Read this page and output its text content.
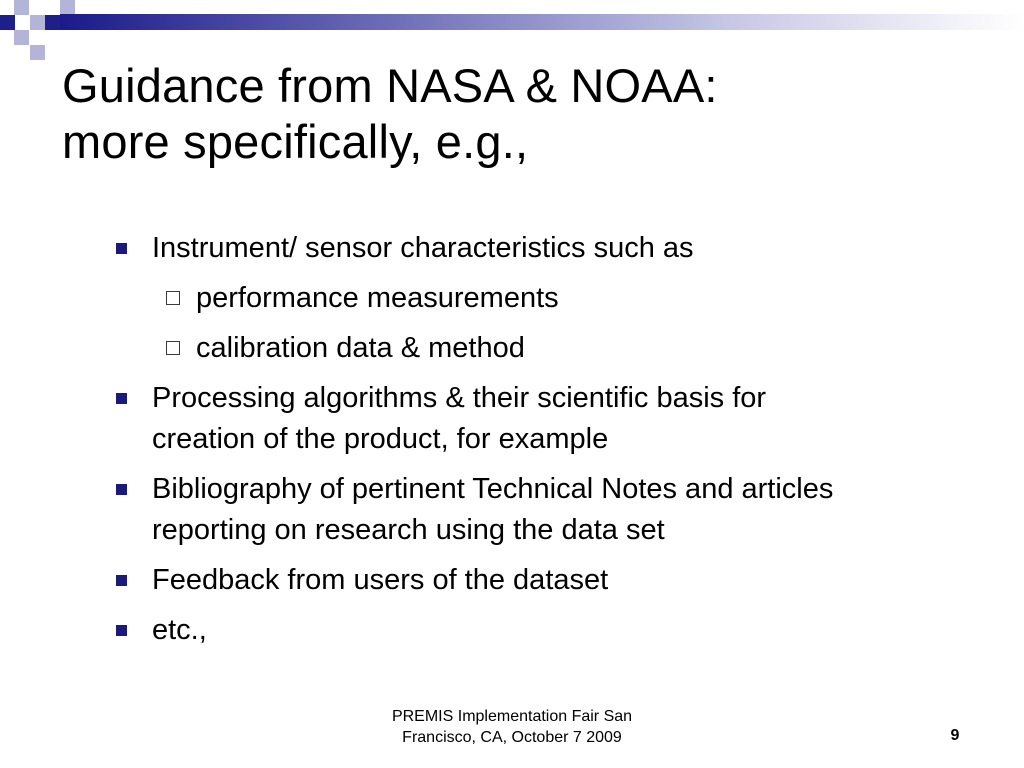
Guidance from NASA & NOAA:
more specifically, e.g.,
Instrument/ sensor characteristics such as
performance measurements
calibration data & method
Processing algorithms & their scientific basis for
creation of the product, for example
Bibliography of pertinent Technical Notes and articles
reporting on research using the data set
Feedback from users of the dataset
etc.,
PREMIS Implementation Fair San
Francisco, CA, October 7 2009	9
